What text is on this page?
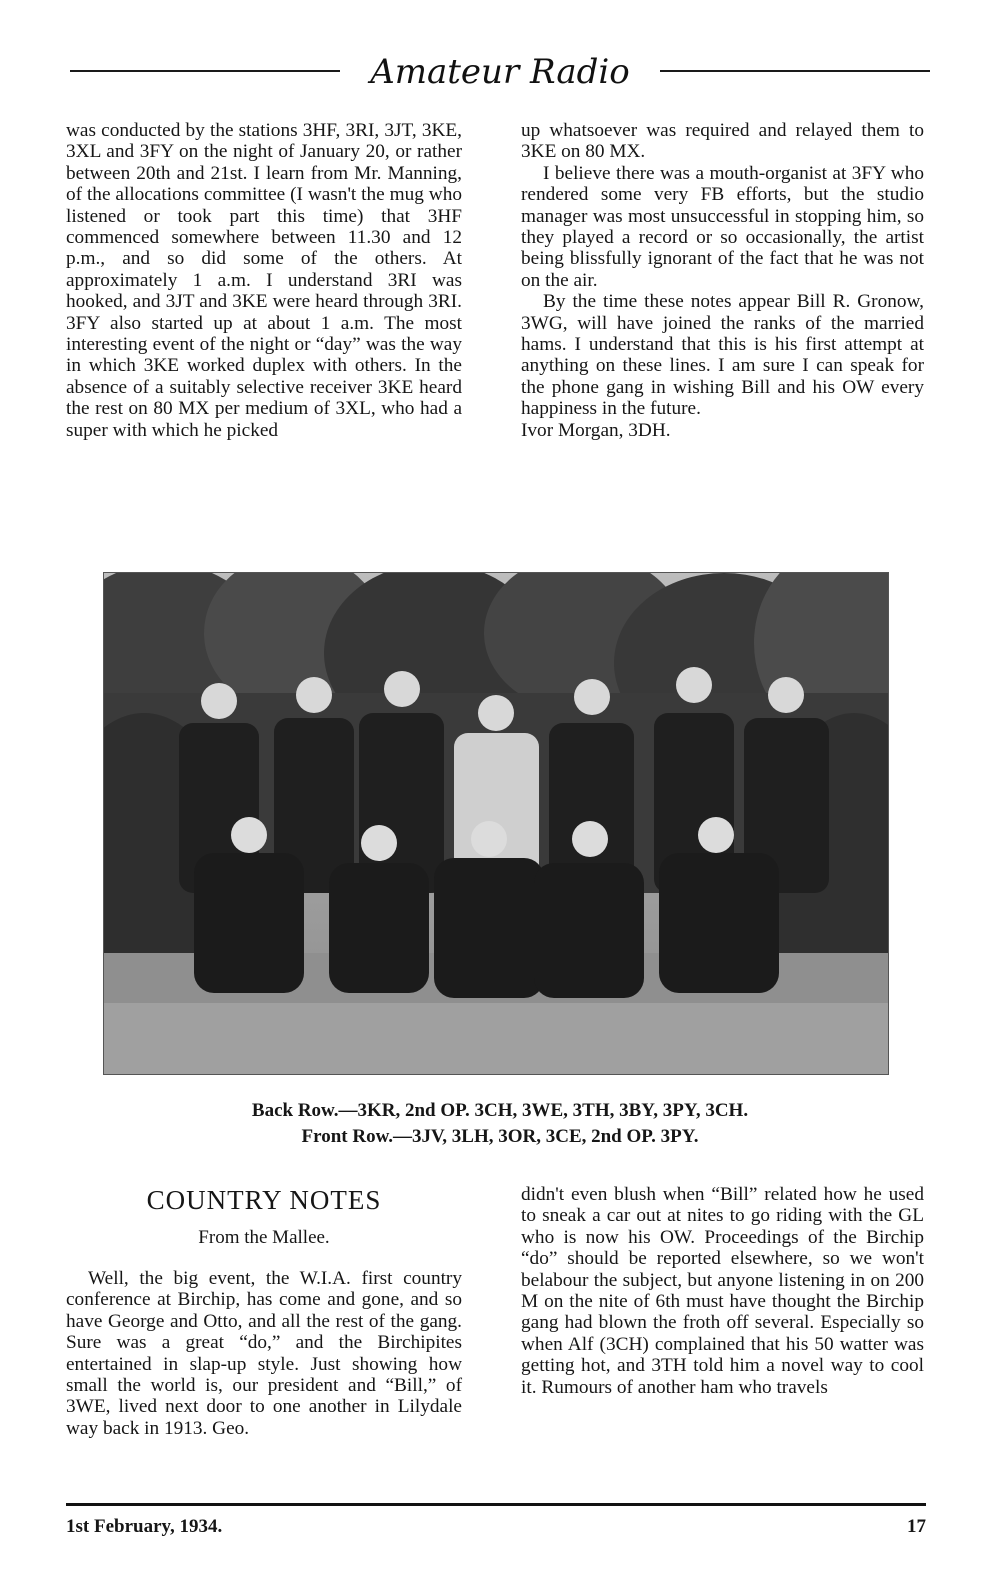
Amateur Radio

was conducted by the stations 3HF, 3RI, 3JT, 3KE, 3XL and 3FY on the night of January 20, or rather between 20th and 21st. I learn from Mr. Manning, of the allocations committee (I wasn't the mug who listened or took part this time) that 3HF commenced somewhere between 11.30 and 12 p.m., and so did some of the others. At approximately 1 a.m. I understand 3RI was hooked, and 3JT and 3KE were heard through 3RI. 3FY also started up at about 1 a.m. The most interesting event of the night or “day” was the way in which 3KE worked duplex with others. In the absence of a suitably selective receiver 3KE heard the rest on 80 MX per medium of 3XL, who had a super with which he picked

up whatsoever was required and relayed them to 3KE on 80 MX.

I believe there was a mouth-organist at 3FY who rendered some very FB efforts, but the studio manager was most unsuccessful in stopping him, so they played a record or so occasionally, the artist being blissfully ignorant of the fact that he was not on the air.

By the time these notes appear Bill R. Gronow, 3WG, will have joined the ranks of the married hams. I understand that this is his first attempt at anything on these lines. I am sure I can speak for the phone gang in wishing Bill and his OW every happiness in the future.

Ivor Morgan, 3DH.

Back Row.—3KR, 2nd OP. 3CH, 3WE, 3TH, 3BY, 3PY, 3CH.
Front Row.—3JV, 3LH, 3OR, 3CE, 2nd OP. 3PY.
COUNTRY NOTES
From the Mallee.

Well, the big event, the W.I.A. first country conference at Birchip, has come and gone, and so have George and Otto, and all the rest of the gang. Sure was a great “do,” and the Birchipites entertained in slap-up style. Just showing how small the world is, our president and “Bill,” of 3WE, lived next door to one another in Lilydale way back in 1913. Geo.

didn't even blush when “Bill” related how he used to sneak a car out at nites to go riding with the GL who is now his OW. Proceedings of the Birchip “do” should be reported elsewhere, so we won't belabour the subject, but anyone listening in on 200 M on the nite of 6th must have thought the Birchip gang had blown the froth off several. Especially so when Alf (3CH) complained that his 50 watter was getting hot, and 3TH told him a novel way to cool it. Rumours of another ham who travels

1st February, 1934.	17
